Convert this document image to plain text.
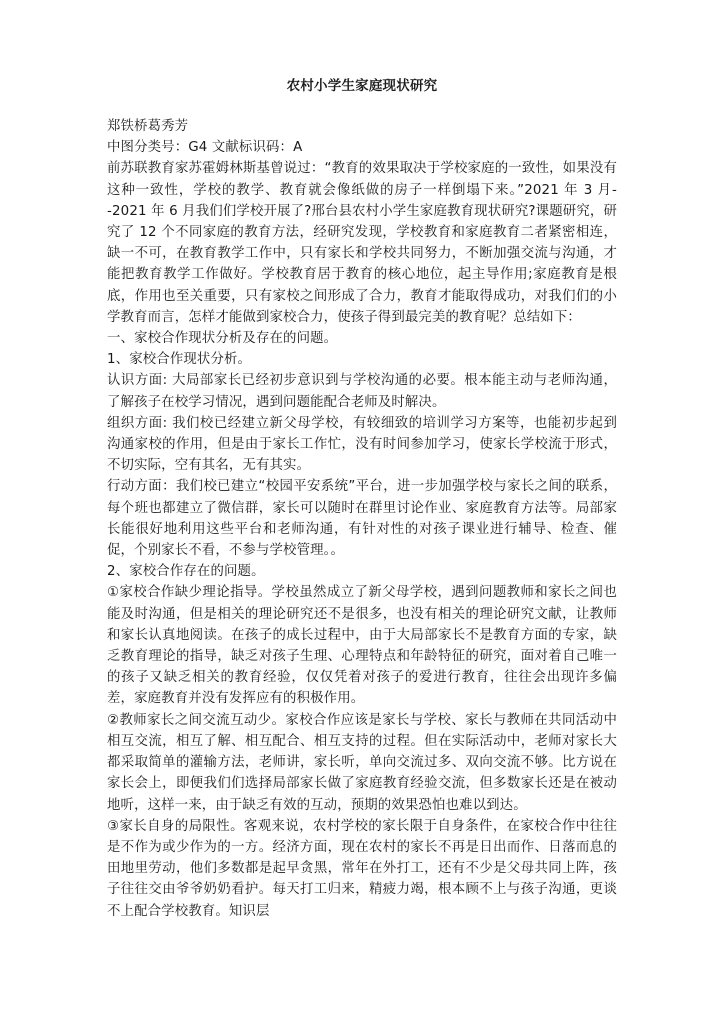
农村小学生家庭现状研究

郑铁桥葛秀芳

中图分类号：G4 文献标识码：A

前苏联教育家苏霍姆林斯基曾说过：“教育的效果取决于学校家庭的一致性，如果没有这种一致性，学校的教学、教育就会像纸做的房子一样倒塌下来。”2021 年 3 月--2021 年 6 月我们们学校开展了?邢台县农村小学生家庭教育现状研究?课题研究，研究了 12 个不同家庭的教育方法，经研究发现，学校教育和家庭教育二者紧密相连，缺一不可，在教育教学工作中，只有家长和学校共同努力，不断加强交流与沟通，才能把教育教学工作做好。学校教育居于教育的核心地位，起主导作用;家庭教育是根底，作用也至关重要，只有家校之间形成了合力，教育才能取得成功，对我们们的小学教育而言，怎样才能做到家校合力，使孩子得到最完美的教育呢？总结如下：

一、家校合作现状分析及存在的问题。

1、家校合作现状分析。

认识方面: 大局部家长已经初步意识到与学校沟通的必要。根本能主动与老师沟通，了解孩子在校学习情况，遇到问题能配合老师及时解决。

组织方面: 我们校已经建立新父母学校，有较细致的培训学习方案等，也能初步起到沟通家校的作用，但是由于家长工作忙，没有时间参加学习，使家长学校流于形式，不切实际，空有其名，无有其实。

行动方面：我们校已建立“校园平安系统”平台，进一步加强学校与家长之间的联系，每个班也都建立了微信群，家长可以随时在群里讨论作业、家庭教育方法等。局部家长能很好地利用这些平台和老师沟通，有针对性的对孩子课业进行辅导、检查、催促，个别家长不看，不参与学校管理。。

2、家校合作存在的问题。

①家校合作缺少理论指导。学校虽然成立了新父母学校，遇到问题教师和家长之间也能及时沟通，但是相关的理论研究还不是很多，也没有相关的理论研究文献，让教师和家长认真地阅读。在孩子的成长过程中，由于大局部家长不是教育方面的专家，缺乏教育理论的指导，缺乏对孩子生理、心理特点和年龄特征的研究，面对着自己唯一的孩子又缺乏相关的教育经验，仅仅凭着对孩子的爱进行教育，往往会出现许多偏差，家庭教育并没有发挥应有的积极作用。

②教师家长之间交流互动少。家校合作应该是家长与学校、家长与教师在共同活动中相互交流，相互了解、相互配合、相互支持的过程。但在实际活动中，老师对家长大都采取简单的灌输方法，老师讲，家长听，单向交流过多、双向交流不够。比方说在家长会上，即便我们们选择局部家长做了家庭教育经验交流，但多数家长还是在被动地听，这样一来，由于缺乏有效的互动，预期的效果恐怕也难以到达。

③家长自身的局限性。客观来说，农村学校的家长限于自身条件，在家校合作中往往是不作为或少作为的一方。经济方面，现在农村的家长不再是日出而作、日落而息的田地里劳动，他们多数都是起早贪黑，常年在外打工，还有不少是父母共同上阵，孩子往往交由爷爷奶奶看护。每天打工归来，精疲力竭，根本顾不上与孩子沟通，更谈不上配合学校教育。知识层
